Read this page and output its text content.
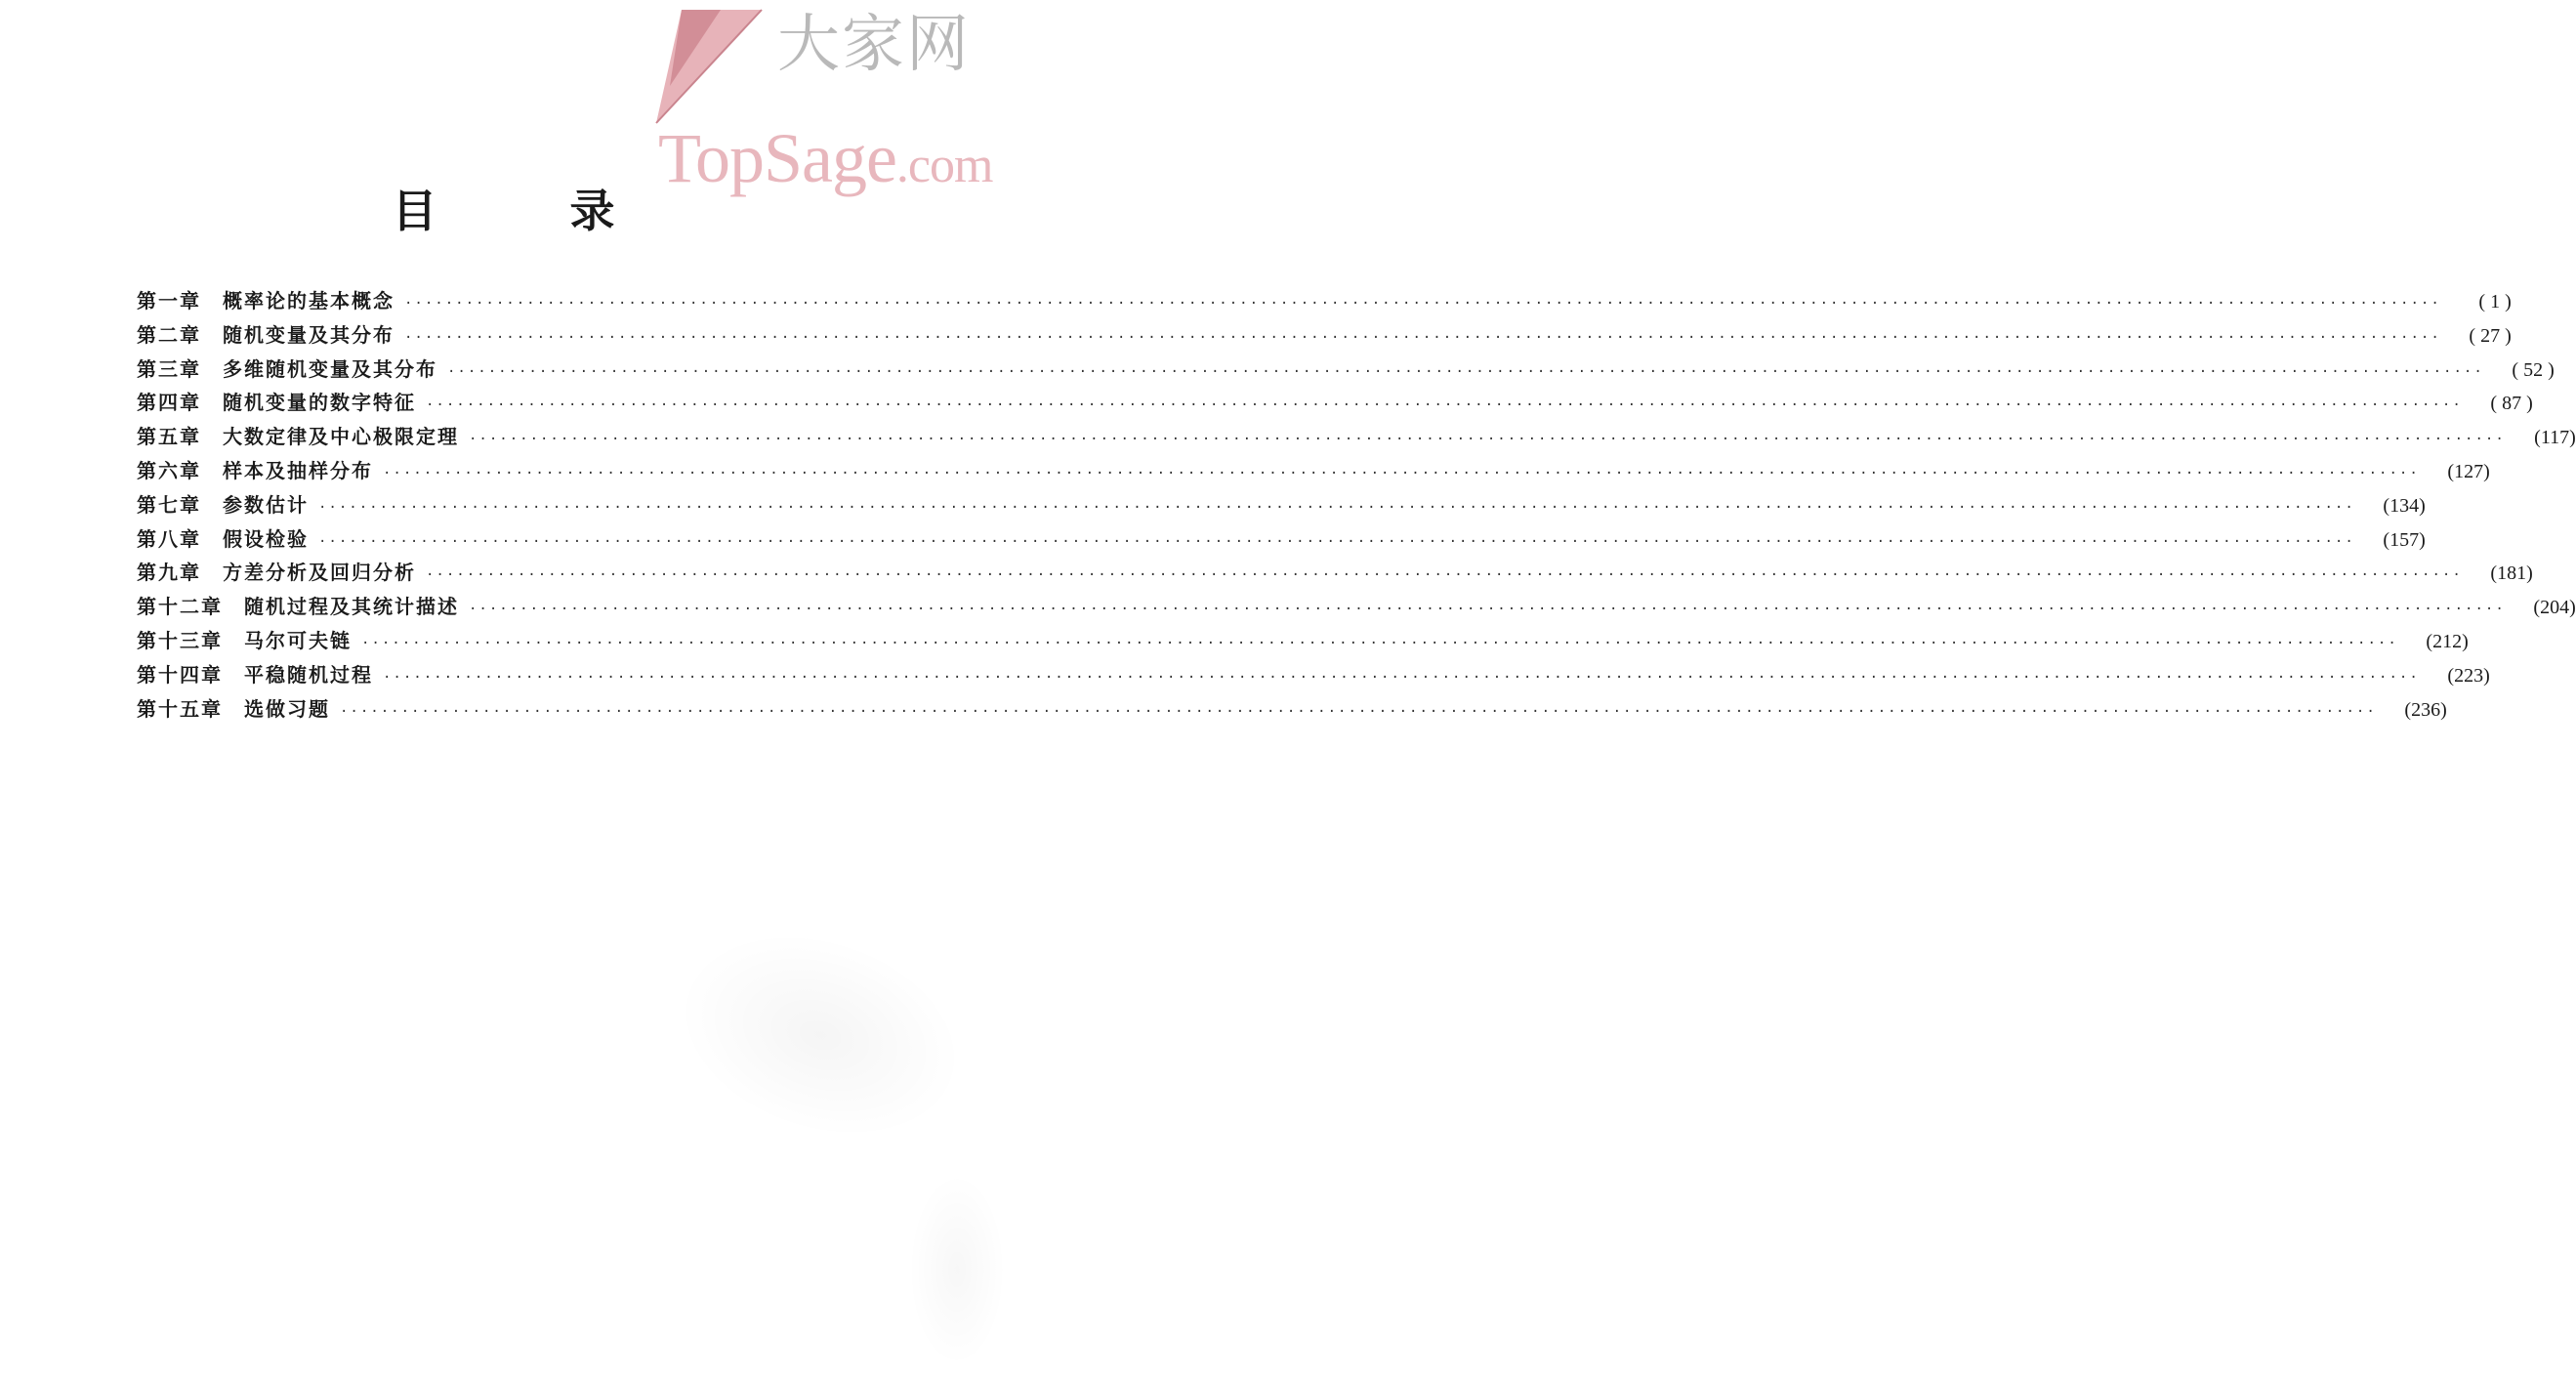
大家网
TopSage.com
目 录
第一章 概率论的基本概念 ········································································································································································································	( 1 )
第二章 随机变量及其分布 ········································································································································································································	( 27 )
第三章 多维随机变量及其分布 ········································································································································································································	( 52 )
第四章 随机变量的数字特征 ········································································································································································································	( 87 )
第五章 大数定律及中心极限定理 ········································································································································································································	(117)
第六章 样本及抽样分布 ········································································································································································································	(127)
第七章 参数估计 ········································································································································································································	(134)
第八章 假设检验 ········································································································································································································	(157)
第九章 方差分析及回归分析 ········································································································································································································	(181)
第十二章 随机过程及其统计描述 ········································································································································································································	(204)
第十三章 马尔可夫链 ········································································································································································································	(212)
第十四章 平稳随机过程 ········································································································································································································	(223)
第十五章 选做习题 ········································································································································································································	(236)
